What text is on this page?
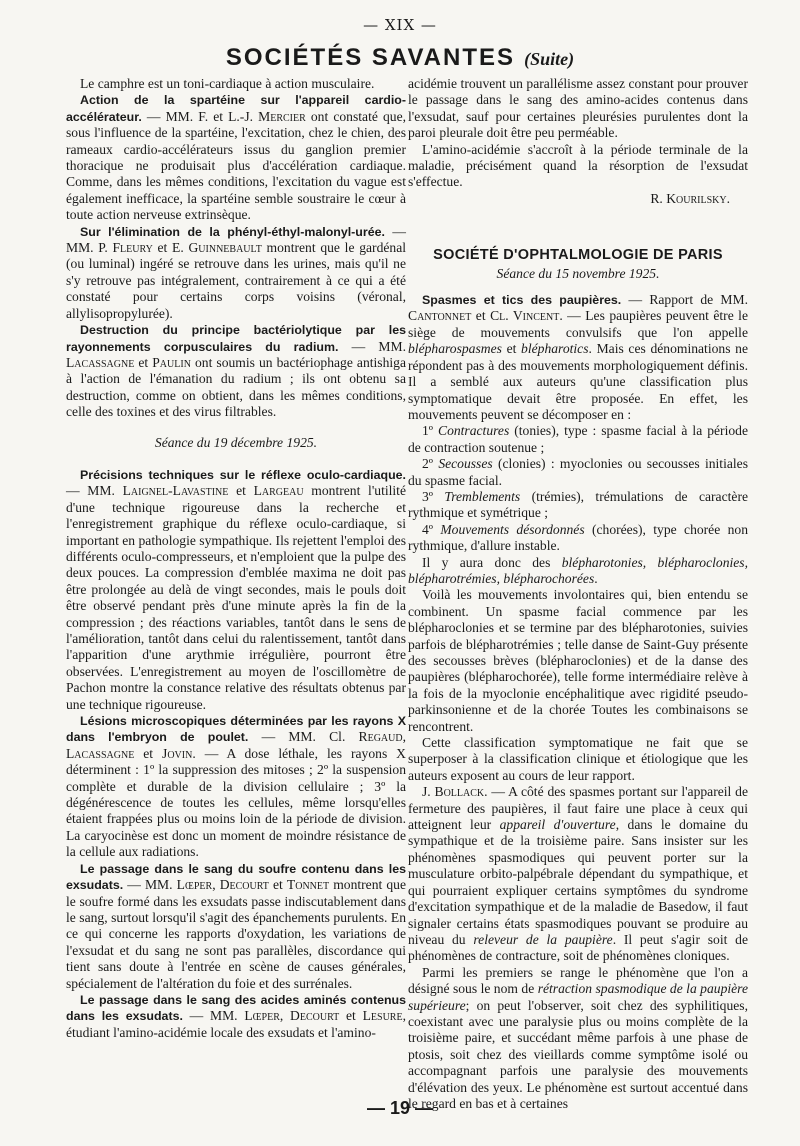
— XIX —
SOCIÉTÉS SAVANTES (Suite)

Le camphre est un toni-cardiaque à action musculaire.

Action de la spartéine sur l'appareil cardio-accélérateur. — MM. F. et L.-J. Mercier ont constaté que, sous l'influence de la spartéine, l'excitation, chez le chien, des rameaux cardio-accélérateurs issus du ganglion premier thoracique ne produisait plus d'accélération cardiaque. Comme, dans les mêmes conditions, l'excitation du vague est également inefficace, la spartéine semble soustraire le cœur à toute action nerveuse extrinsèque.

Sur l'élimination de la phényl-éthyl-malonyl-urée. — MM. P. Fleury et E. Guinnebault montrent que le gardénal (ou luminal) ingéré se retrouve dans les urines, mais qu'il ne s'y retrouve pas intégralement, contrairement à ce qui a été constaté pour certains corps voisins (véronal, allylisopropylurée).

Destruction du principe bactériolytique par les rayonnements corpusculaires du radium. — MM. Lacassagne et Paulin ont soumis un bactériophage antishiga à l'action de l'émanation du radium ; ils ont obtenu sa destruction, comme on obtient, dans les mêmes conditions, celle des toxines et des virus filtrables.

Séance du 19 décembre 1925.

Précisions techniques sur le réflexe oculo-cardiaque. — MM. Laignel-Lavastine et Largeau montrent l'utilité d'une technique rigoureuse dans la recherche et l'enregistrement graphique du réflexe oculo-cardiaque, si important en pathologie sympathique. Ils rejettent l'emploi des différents oculo-compresseurs, et n'emploient que la pulpe des deux pouces. La compression d'emblée maxima ne doit pas être prolongée au delà de vingt secondes, mais le pouls doit être observé pendant près d'une minute après la fin de la compression ; des réactions variables, tantôt dans le sens de l'amélioration, tantôt dans celui du ralentissement, tantôt dans l'apparition d'une arythmie irrégulière, pourront être observées. L'enregistrement au moyen de l'oscillomètre de Pachon montre la constance relative des résultats obtenus par une technique rigoureuse.

Lésions microscopiques déterminées par les rayons X dans l'embryon de poulet. — MM. Cl. Regaud, Lacassagne et Jovin. — A dose léthale, les rayons X déterminent : 1º la suppression des mitoses ; 2º la suspension complète et durable de la division cellulaire ; 3º la dégénérescence de toutes les cellules, même lorsqu'elles étaient frappées plus ou moins loin de la période de division. La caryocinèse est donc un moment de moindre résistance de la cellule aux radiations.

Le passage dans le sang du soufre contenu dans les exsudats. — MM. Lœper, Decourt et Tonnet montrent que le soufre formé dans les exsudats passe indiscutablement dans le sang, surtout lorsqu'il s'agit des épanchements purulents. En ce qui concerne les rapports d'oxydation, les variations de l'exsudat et du sang ne sont pas parallèles, discordance qui tient sans doute à l'entrée en scène de causes générales, spécialement de l'altération du foie et des surrénales.

Le passage dans le sang des acides aminés contenus dans les exsudats. — MM. Lœper, Decourt et Lesure, étudiant l'amino-acidémie locale des exsudats et l'amino-

acidémie trouvent un parallélisme assez constant pour prouver le passage dans le sang des amino-acides contenus dans l'exsudat, sauf pour certaines pleurésies purulentes dont la paroi pleurale doit être peu perméable.

L'amino-acidémie s'accroît à la période terminale de la maladie, précisément quand la résorption de l'exsudat s'effectue.

R. Kourilsky.
SOCIÉTÉ D'OPHTALMOLOGIE DE PARIS
Séance du 15 novembre 1925.

Spasmes et tics des paupières. — Rapport de MM. Cantonnet et Cl. Vincent. — Les paupières peuvent être le siège de mouvements convulsifs que l'on appelle blépharospasmes et blépharotics. Mais ces dénominations ne répondent pas à des mouvements morphologiquement définis. Il a semblé aux auteurs qu'une classification plus symptomatique devait être proposée. En effet, les mouvements peuvent se décomposer en :

1º Contractures (tonies), type : spasme facial à la période de contraction soutenue ;

2º Secousses (clonies) : myoclonies ou secousses initiales du spasme facial.

3º Tremblements (trémies), trémulations de caractère rythmique et symétrique ;

4º Mouvements désordonnés (chorées), type chorée non rythmique, d'allure instable.

Il y aura donc des blépharotonies, blépharoclonies, blépharotrémies, blépharochorées.

Voilà les mouvements involontaires qui, bien entendu se combinent. Un spasme facial commence par les blépharoclonies et se termine par des blépharotonies, suivies parfois de blépharotrémies ; telle danse de Saint-Guy présente des secousses brèves (blépharoclonies) et de la danse des paupières (blépharochorée), telle forme intermédiaire relève à la fois de la myoclonie encéphalitique avec rigidité pseudo-parkinsonienne et de la chorée Toutes les combinaisons se rencontrent.

Cette classification symptomatique ne fait que se superposer à la classification clinique et étiologique que les auteurs exposent au cours de leur rapport.

J. Bollack. — A côté des spasmes portant sur l'appareil de fermeture des paupières, il faut faire une place à ceux qui atteignent leur appareil d'ouverture, dans le domaine du sympathique et de la troisième paire. Sans insister sur les phénomènes spasmodiques qui peuvent porter sur la musculature orbito-palpébrale dépendant du sympathique, et qui pourraient expliquer certains symptômes du syndrome d'excitation sympathique et de la maladie de Basedow, il faut signaler certains états spasmodiques pouvant se produire au niveau du releveur de la paupière. Il peut s'agir soit de phénomènes de contracture, soit de phénomènes cloniques.

Parmi les premiers se range le phénomène que l'on a désigné sous le nom de rétraction spasmodique de la paupière supérieure; on peut l'observer, soit chez des syphilitiques, coexistant avec une paralysie plus ou moins complète de la troisième paire, et succédant même parfois à une phase de ptosis, soit chez des vieillards comme symptôme isolé ou accompagnant parfois une paralysie des mouvements d'élévation des yeux. Le phénomène est surtout accentué dans le regard en bas et à certaines

— 19 —
